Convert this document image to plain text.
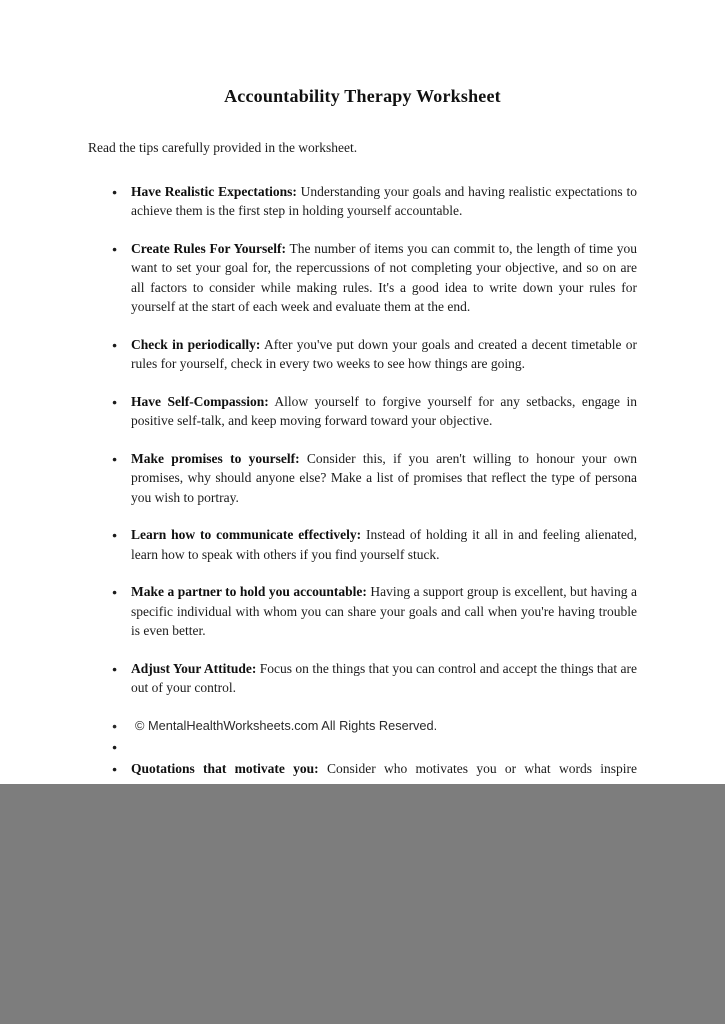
Accountability Therapy Worksheet

Read the tips carefully provided in the worksheet.

● Have Realistic Expectations: Understanding your goals and having realistic expectations to achieve them is the first step in holding yourself accountable.
● Create Rules For Yourself: The number of items you can commit to, the length of time you want to set your goal for, the repercussions of not completing your objective, and so on are all factors to consider while making rules. It's a good idea to write down your rules for yourself at the start of each week and evaluate them at the end.
● Check in periodically: After you've put down your goals and created a decent timetable or rules for yourself, check in every two weeks to see how things are going.
● Have Self-Compassion: Allow yourself to forgive yourself for any setbacks, engage in positive self-talk, and keep moving forward toward your objective.
● Make promises to yourself: Consider this, if you aren't willing to honour your own promises, why should anyone else? Make a list of promises that reflect the type of persona you wish to portray.
● Learn how to communicate effectively: Instead of holding it all in and feeling alienated, learn how to speak with others if you find yourself stuck.
● Make a partner to hold you accountable: Having a support group is excellent, but having a specific individual with whom you can share your goals and call when you're having trouble is even better.
● Adjust Your Attitude: Focus on the things that you can control and accept the things that are out of your control.
● © MentalHealthWorksheets.com All Rights Reserved.
●
● Quotations that motivate you: Consider who motivates you or what words inspire
